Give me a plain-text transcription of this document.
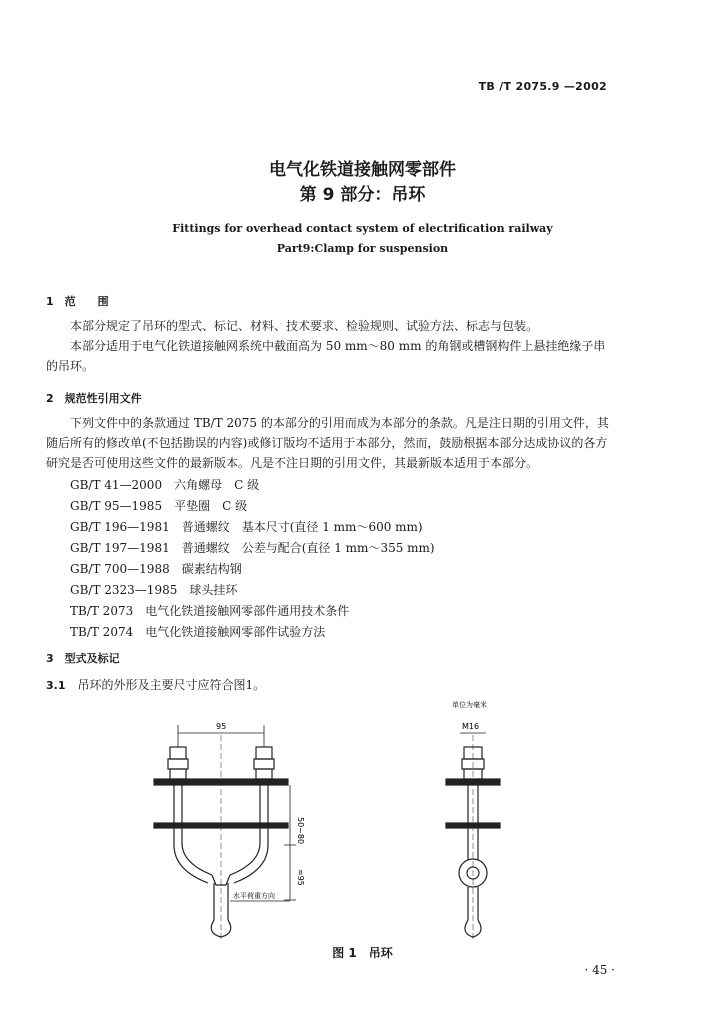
TB /T 2075.9 —2002
电气化铁道接触网零部件
第 9 部分：吊环
Fittings for overhead contact system of electrification railway
Part9:Clamp for suspension
1　范　　围
本部分规定了吊环的型式、标记、材料、技术要求、检验规则、试验方法、标志与包装。
本部分适用于电气化铁道接触网系统中截面高为 50 mm～80 mm 的角钢或槽钢构件上悬挂绝缘子串的吊环。
2　规范性引用文件
下列文件中的条款通过 TB/T 2075 的本部分的引用而成为本部分的条款。凡是注日期的引用文件，其随后所有的修改单(不包括勘误的内容)或修订版均不适用于本部分，然而，鼓励根据本部分达成协议的各方研究是否可使用这些文件的最新版本。凡是不注日期的引用文件，其最新版本适用于本部分。
GB/T 41—2000　 六角螺母　C 级
GB/T 95—1985　 平垫圈　C 级
GB/T 196—1981　 普通螺纹　基本尺寸(直径 1 mm～600 mm)
GB/T 197—1981　 普通螺纹　公差与配合(直径 1 mm～355 mm)
GB/T 700—1988　 碳素结构钢
GB/T 2323—1985　 球头挂环
TB/T 2073　 电气化铁道接触网零部件通用技术条件
TB/T 2074　 电气化铁道接触网零部件试验方法
3　型式及标记
3.1　 吊环的外形及主要尺寸应符合图1。
95
50~80
≈95
水平荷重方向
M16
单位为毫米
图 1　吊环
· 45 ·
